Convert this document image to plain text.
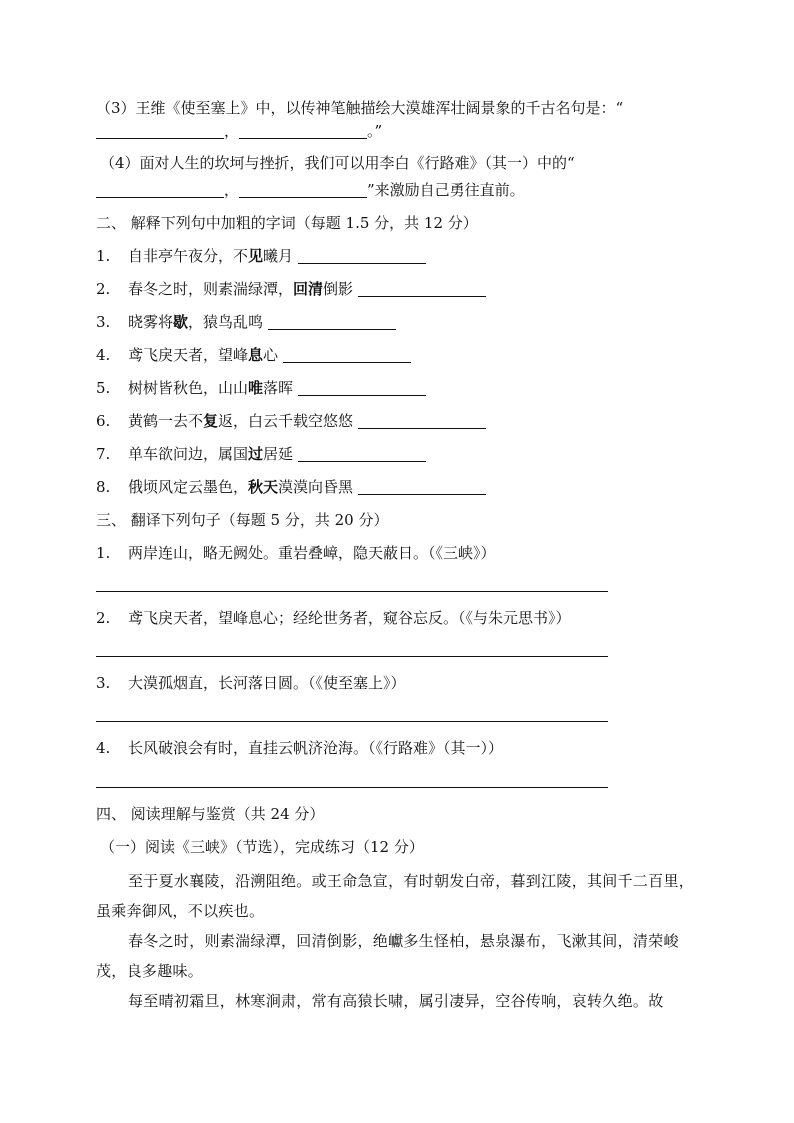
（3）王维《使至塞上》中，以传神笔触描绘大漠雄浑壮阔景象的千古名句是：“
，	。”
（4）面对人生的坎坷与挫折，我们可以用李白《行路难》（其一）中的“
，	”来激励自己勇往直前。
二、 解释下列句中加粗的字词（每题 1.5 分，共 12 分）
1. 自非亭午夜分，不见曦月
2. 春冬之时，则素湍绿潭，回清倒影
3. 晓雾将歇，猿鸟乱鸣
4. 鸢飞戾天者，望峰息心
5. 树树皆秋色，山山唯落晖
6. 黄鹤一去不复返，白云千载空悠悠
7. 单车欲问边，属国过居延
8. 俄顷风定云墨色，秋天漠漠向昏黑
三、 翻译下列句子（每题 5 分，共 20 分）
1. 两岸连山，略无阙处。重岩叠嶂，隐天蔽日。（《三峡》）
2. 鸢飞戾天者，望峰息心；经纶世务者，窥谷忘反。（《与朱元思书》）
3. 大漠孤烟直，长河落日圆。（《使至塞上》）
4. 长风破浪会有时，直挂云帆济沧海。（《行路难》（其一））
四、 阅读理解与鉴赏（共 24 分）
（一）阅读《三峡》（节选），完成练习（12 分）
至于夏水襄陵，沿溯阻绝。或王命急宣，有时朝发白帝，暮到江陵，其间千二百里，虽乘奔御风，不以疾也。
春冬之时，则素湍绿潭，回清倒影，绝巘多生怪柏，悬泉瀑布，飞漱其间，清荣峻茂，良多趣味。
每至晴初霜旦，林寒涧肃，常有高猿长啸，属引凄异，空谷传响，哀转久绝。故
